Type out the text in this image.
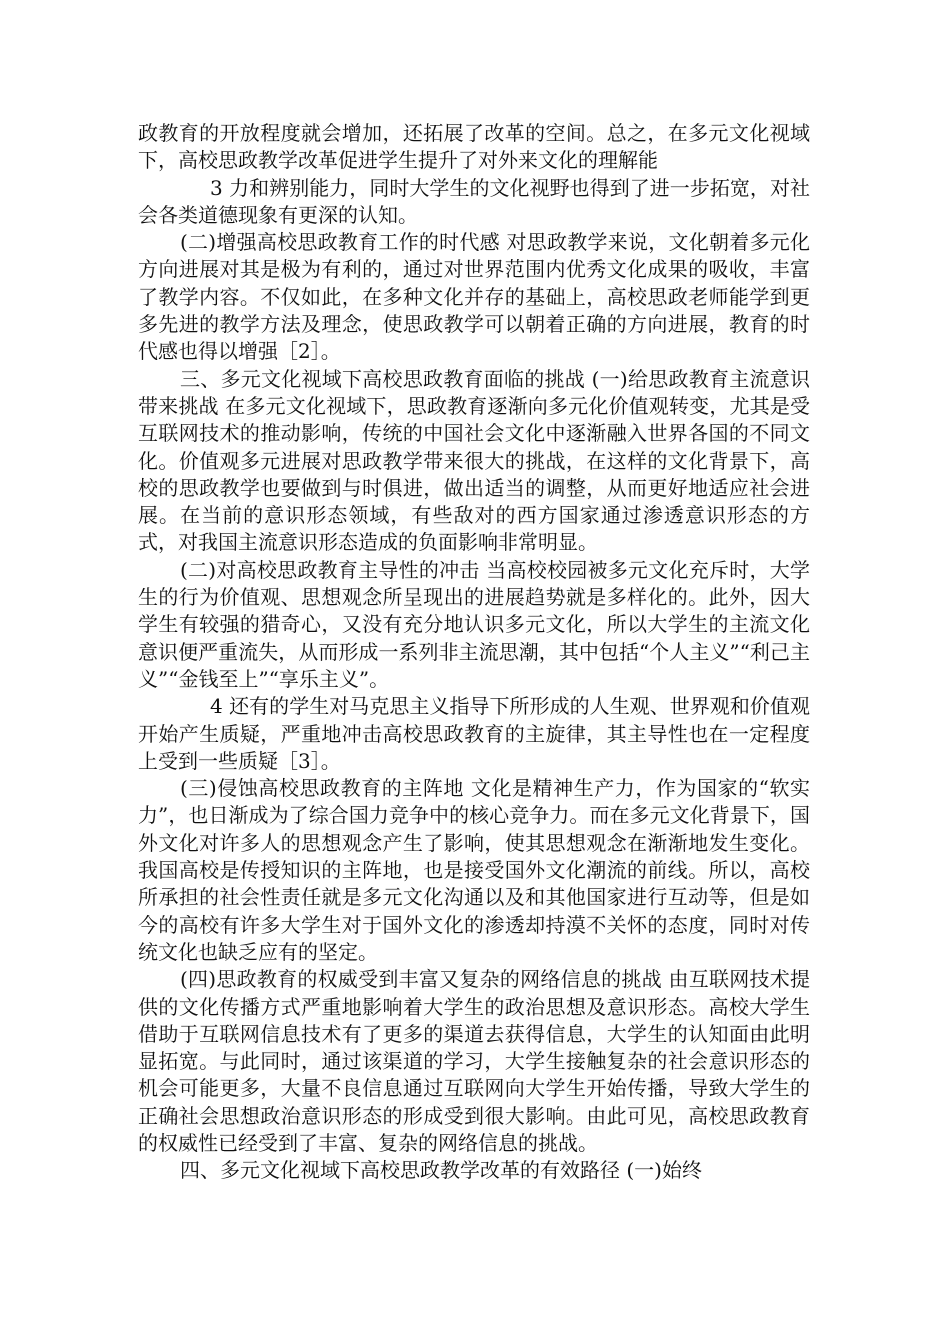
政教育的开放程度就会增加，还拓展了改革的空间。总之，在多元文化视域下，高校思政教学改革促进学生提升了对外来文化的理解能

3 力和辨别能力，同时大学生的文化视野也得到了进一步拓宽，对社会各类道德现象有更深的认知。

(二)增强高校思政教育工作的时代感 对思政教学来说，文化朝着多元化方向进展对其是极为有利的，通过对世界范围内优秀文化成果的吸收，丰富了教学内容。不仅如此，在多种文化并存的基础上，高校思政老师能学到更多先进的教学方法及理念，使思政教学可以朝着正确的方向进展，教育的时代感也得以增强［2］。

三、多元文化视域下高校思政教育面临的挑战 (一)给思政教育主流意识带来挑战 在多元文化视域下，思政教育逐渐向多元化价值观转变，尤其是受互联网技术的推动影响，传统的中国社会文化中逐渐融入世界各国的不同文化。价值观多元进展对思政教学带来很大的挑战，在这样的文化背景下，高校的思政教学也要做到与时俱进，做出适当的调整，从而更好地适应社会进展。在当前的意识形态领域，有些敌对的西方国家通过渗透意识形态的方式，对我国主流意识形态造成的负面影响非常明显。

(二)对高校思政教育主导性的冲击 当高校校园被多元文化充斥时，大学生的行为价值观、思想观念所呈现出的进展趋势就是多样化的。此外，因大学生有较强的猎奇心，又没有充分地认识多元文化，所以大学生的主流文化意识便严重流失，从而形成一系列非主流思潮，其中包括“个人主义”“利己主义”“金钱至上”“享乐主义”。

4 还有的学生对马克思主义指导下所形成的人生观、世界观和价值观开始产生质疑，严重地冲击高校思政教育的主旋律，其主导性也在一定程度上受到一些质疑［3］。

(三)侵蚀高校思政教育的主阵地 文化是精神生产力，作为国家的“软实力”，也日渐成为了综合国力竞争中的核心竞争力。而在多元文化背景下，国外文化对许多人的思想观念产生了影响，使其思想观念在渐渐地发生变化。我国高校是传授知识的主阵地，也是接受国外文化潮流的前线。所以，高校所承担的社会性责任就是多元文化沟通以及和其他国家进行互动等，但是如今的高校有许多大学生对于国外文化的渗透却持漠不关怀的态度，同时对传统文化也缺乏应有的坚定。

(四)思政教育的权威受到丰富又复杂的网络信息的挑战 由互联网技术提供的文化传播方式严重地影响着大学生的政治思想及意识形态。高校大学生借助于互联网信息技术有了更多的渠道去获得信息，大学生的认知面由此明显拓宽。与此同时，通过该渠道的学习，大学生接触复杂的社会意识形态的机会可能更多，大量不良信息通过互联网向大学生开始传播，导致大学生的正确社会思想政治意识形态的形成受到很大影响。由此可见，高校思政教育的权威性已经受到了丰富、复杂的网络信息的挑战。

四、多元文化视域下高校思政教学改革的有效路径 (一)始终
